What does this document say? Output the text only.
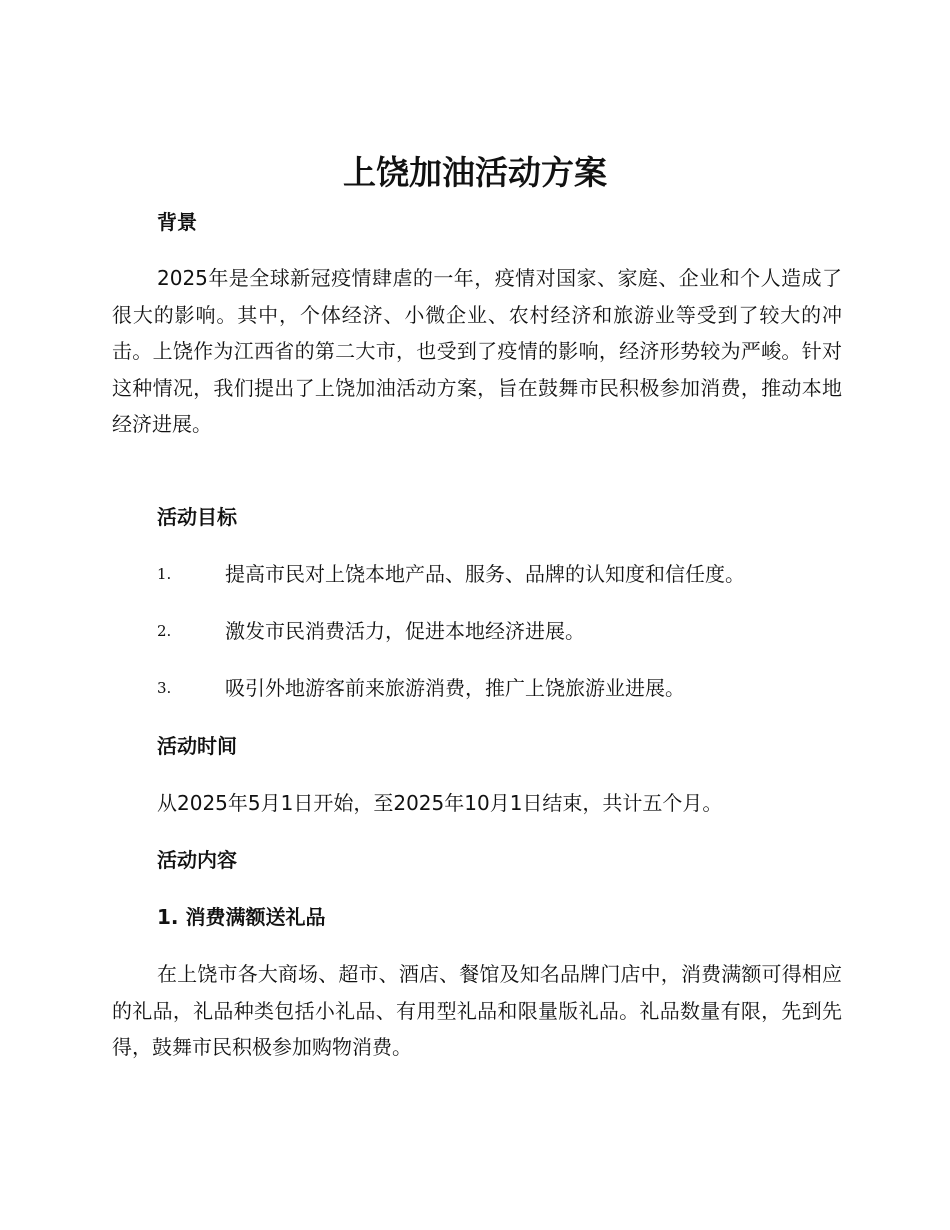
上饶加油活动方案
背景

2025年是全球新冠疫情肆虐的一年，疫情对国家、家庭、企业和个人造成了很大的影响。其中，个体经济、小微企业、农村经济和旅游业等受到了较大的冲击。上饶作为江西省的第二大市，也受到了疫情的影响，经济形势较为严峻。针对这种情况，我们提出了上饶加油活动方案，旨在鼓舞市民积极参加消费，推动本地经济进展。

活动目标
1.	提高市民对上饶本地产品、服务、品牌的认知度和信任度。
2.	激发市民消费活力，促进本地经济进展。
3.	吸引外地游客前来旅游消费，推广上饶旅游业进展。
活动时间
从2025年5月1日开始，至2025年10月1日结束，共计五个月。
活动内容
1. 消费满额送礼品

在上饶市各大商场、超市、酒店、餐馆及知名品牌门店中，消费满额可得相应的礼品，礼品种类包括小礼品、有用型礼品和限量版礼品。礼品数量有限，先到先得，鼓舞市民积极参加购物消费。
